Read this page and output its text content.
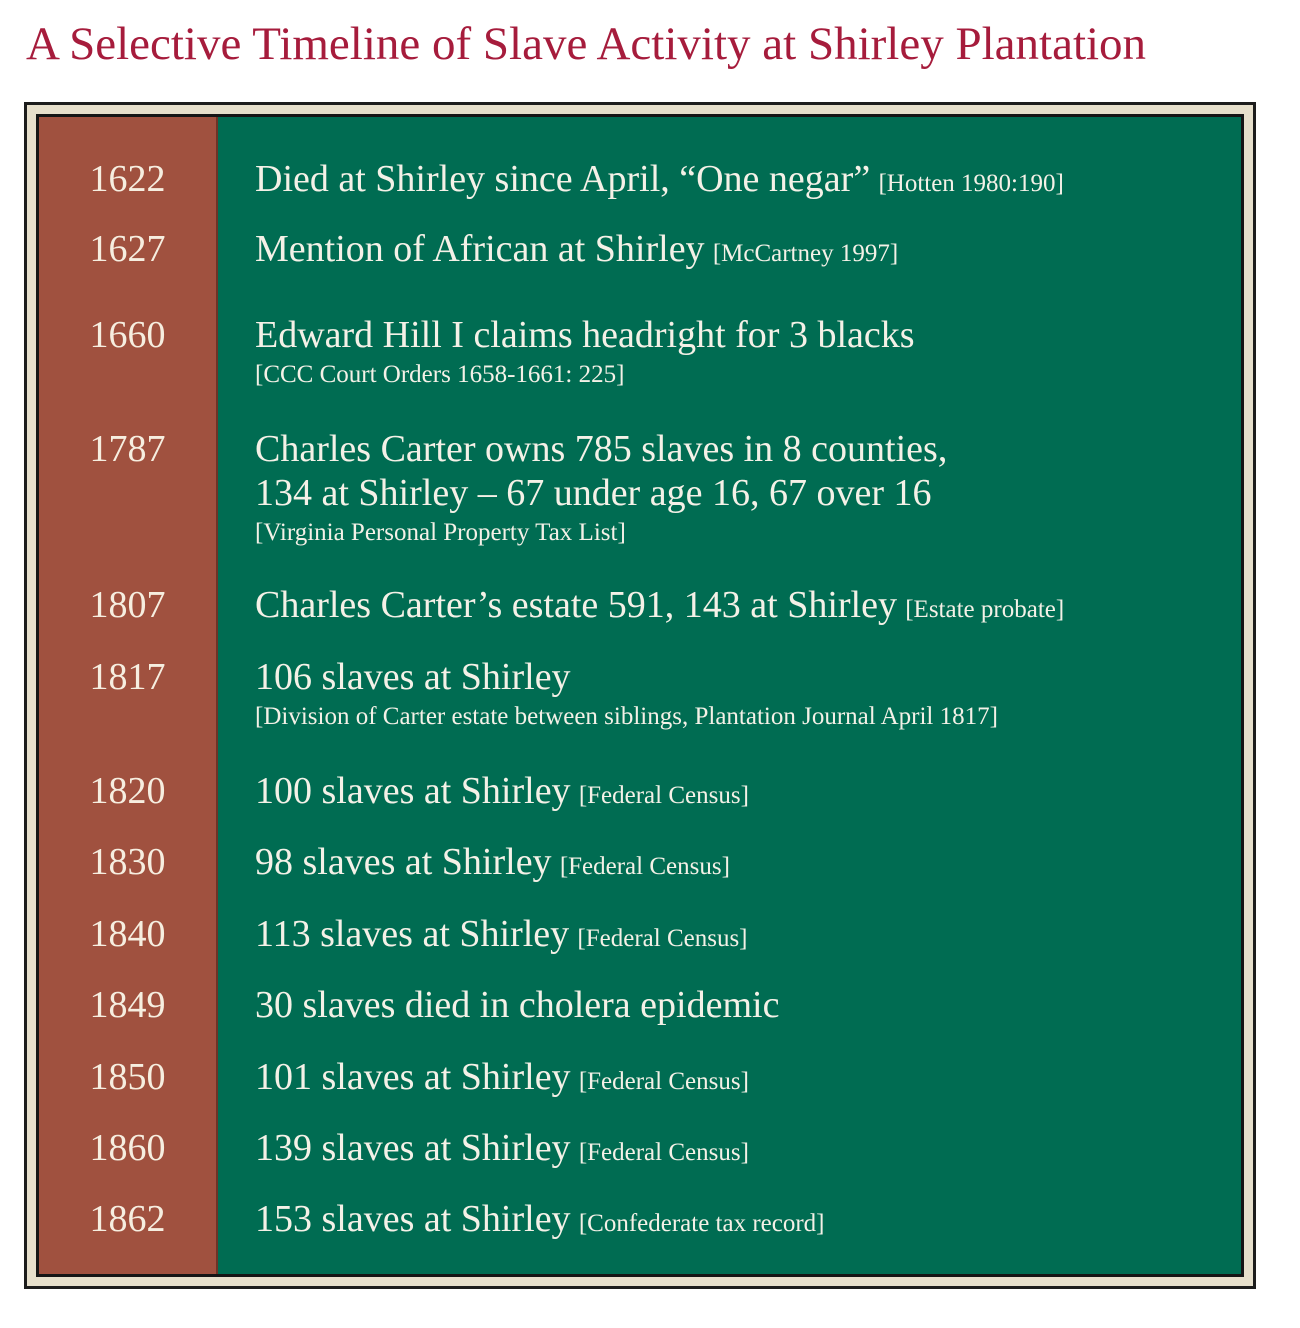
A Selective Timeline of Slave Activity at Shirley Plantation
1622	Died at Shirley since April, “One negar” [Hotten 1980:190]
1627	Mention of African at Shirley [McCartney 1997]
1660	Edward Hill I claims headright for 3 blacks
[CCC Court Orders 1658-1661: 225]
1787	Charles Carter owns 785 slaves in 8 counties,
134 at Shirley – 67 under age 16, 67 over 16
[Virginia Personal Property Tax List]
1807	Charles Carter’s estate 591, 143 at Shirley [Estate probate]
1817	106 slaves at Shirley
[Division of Carter estate between siblings, Plantation Journal April 1817]
1820	100 slaves at Shirley [Federal Census]
1830	98 slaves at Shirley [Federal Census]
1840	113 slaves at Shirley [Federal Census]
1849	30 slaves died in cholera epidemic
1850	101 slaves at Shirley [Federal Census]
1860	139 slaves at Shirley [Federal Census]
1862	153 slaves at Shirley [Confederate tax record]
